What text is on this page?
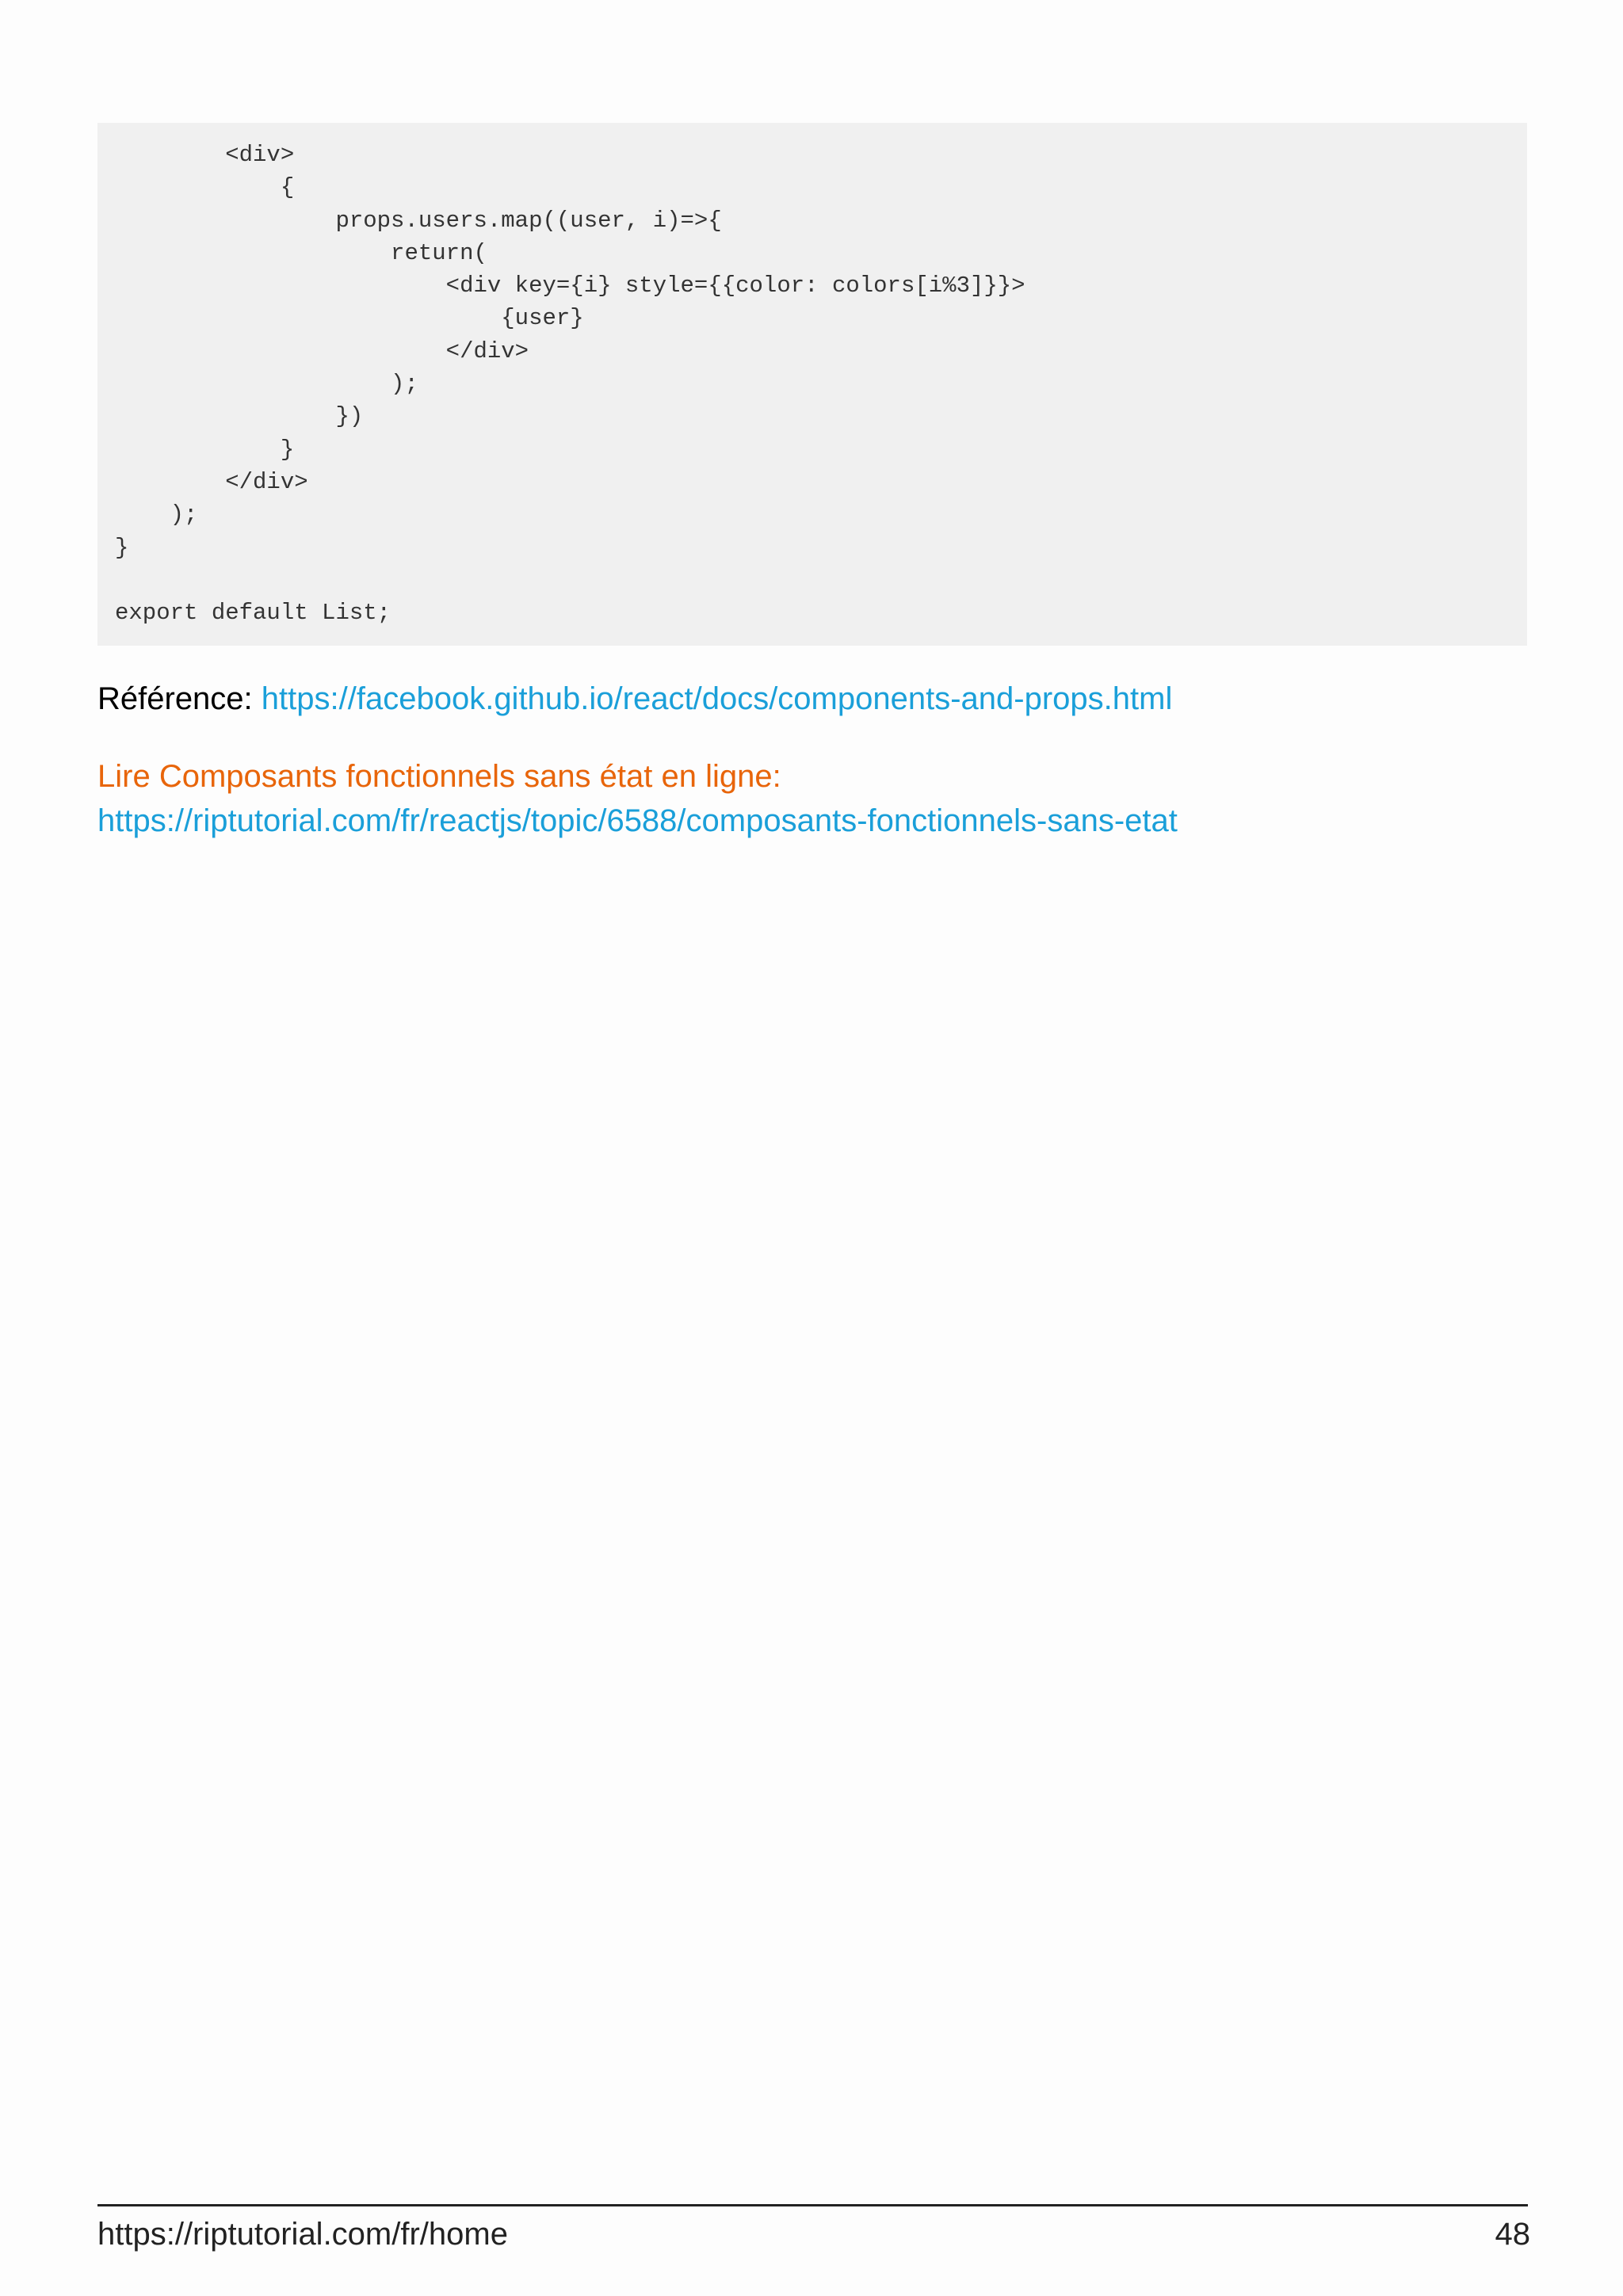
<div>
{
props.users.map((user, i)=>{
return(
<div key={i} style={{color: colors[i%3]}}>
{user}
</div>
);
})
}
</div>
);
}
export default List;
Référence: https://facebook.github.io/react/docs/components-and-props.html
Lire Composants fonctionnels sans état en ligne:
https://riptutorial.com/fr/reactjs/topic/6588/composants-fonctionnels-sans-etat
https://riptutorial.com/fr/home	48
